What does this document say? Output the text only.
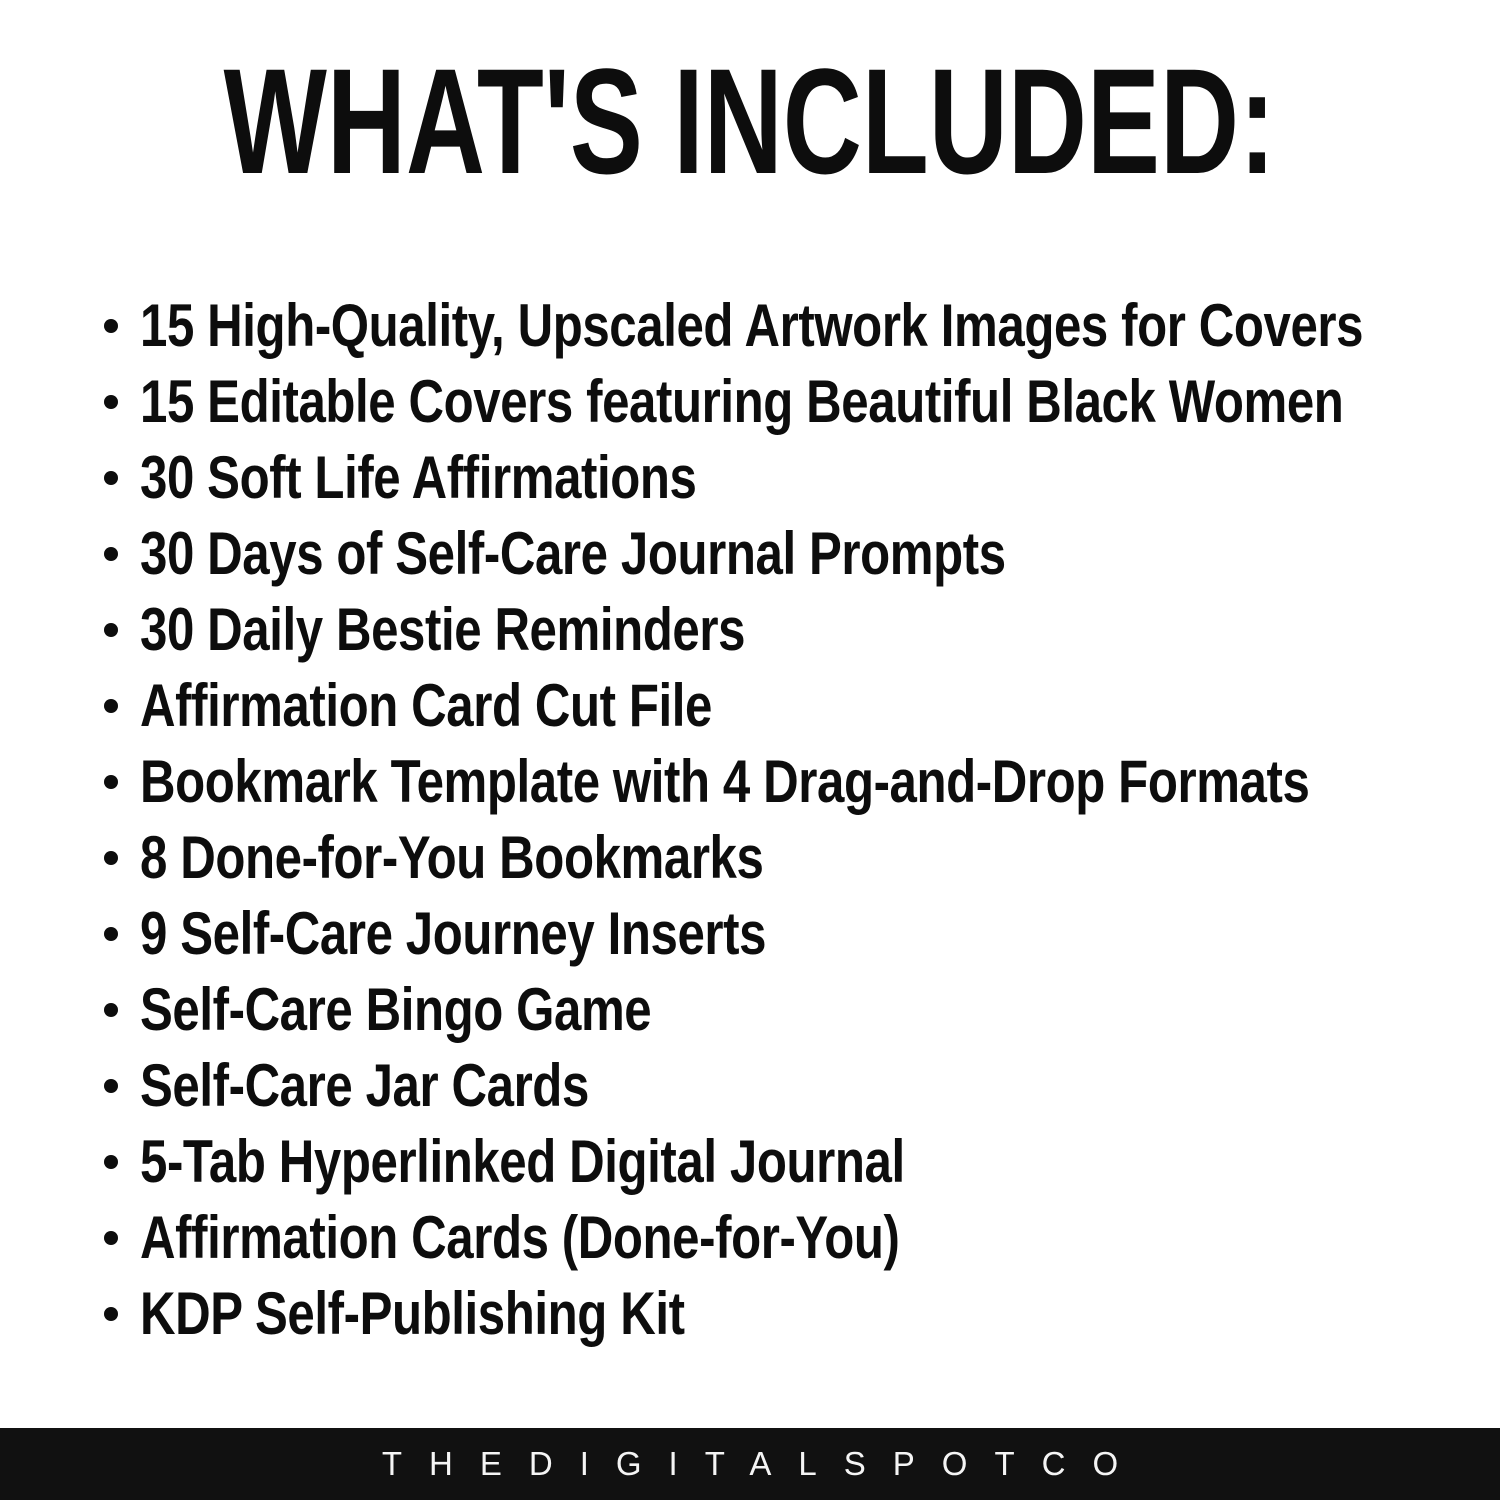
WHAT'S INCLUDED:
15 High-Quality, Upscaled Artwork Images for Covers
15 Editable Covers featuring Beautiful Black Women
30 Soft Life Affirmations
30 Days of Self-Care Journal Prompts
30 Daily Bestie Reminders
Affirmation Card Cut File
Bookmark Template with 4 Drag-and-Drop Formats
8 Done-for-You Bookmarks
9 Self-Care Journey Inserts
Self-Care Bingo Game
Self-Care Jar Cards
5-Tab Hyperlinked Digital Journal
Affirmation Cards (Done-for-You)
KDP Self-Publishing Kit
THEDIGITALSPOTCO
